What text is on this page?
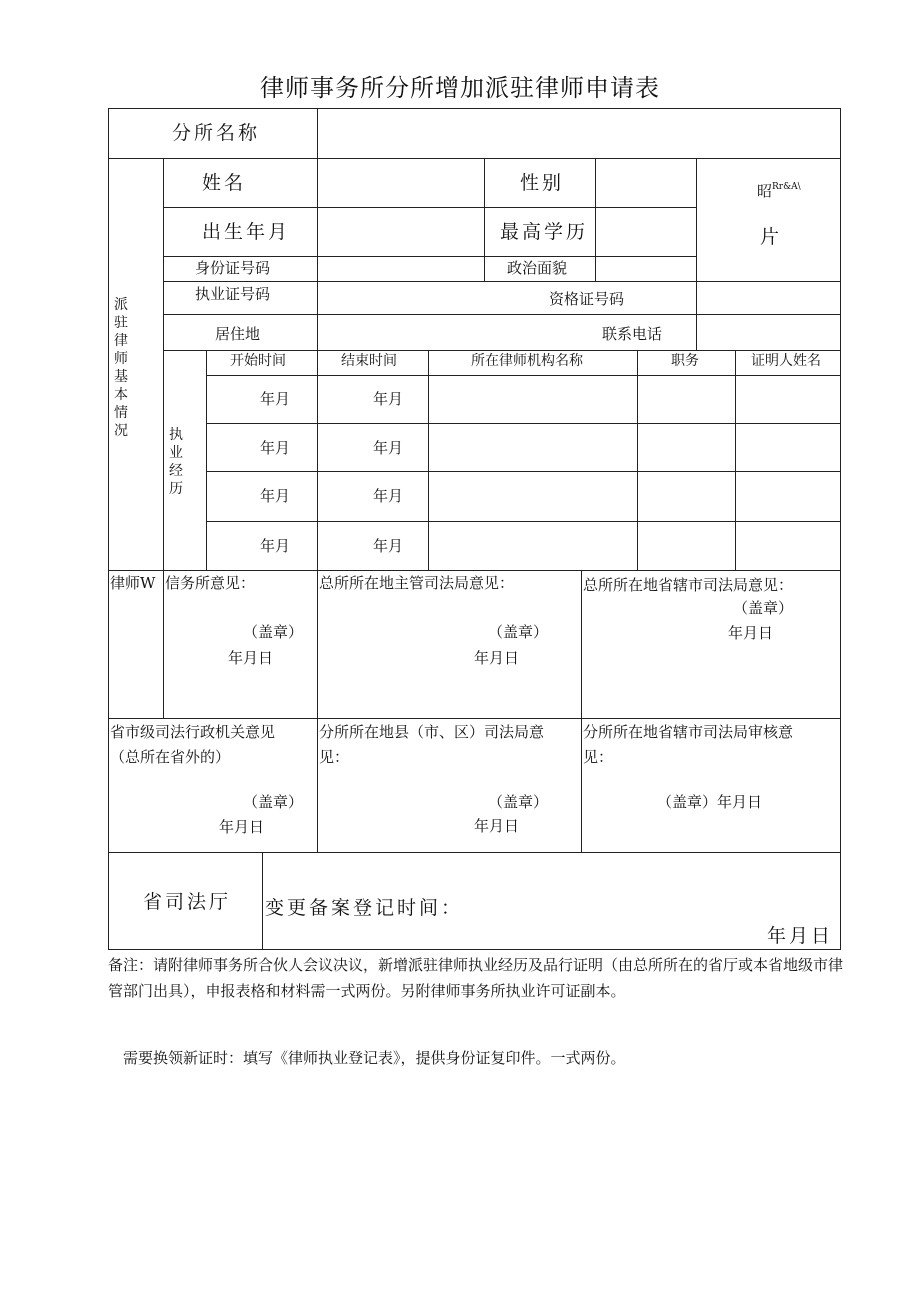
律师事务所分所增加派驻律师申请表
分所名称
派驻律师基本情况
姓名	性别
出生年月	最高学历
昭$^{Rr\&A\backslash}$
片
身份证号码	政治面貌
执业证号码	资格证号码
居住地	联系电话
执业经历
开始时间	结束时间	所在律师机构名称	职务	证明人姓名
年月	年月
年月	年月
年月	年月
年月	年月
律师W 信务所意见：
（盖章）
年月日
总所所在地主管司法局意见：
（盖章）
年月日
总所所在地省辖市司法局意见：
（盖章）
年月日
省市级司法行政机关意见
（总所在省外的）
（盖章）
年月日
分所所在地县（市、区）司法局意
见：
（盖章）
年月日
分所所在地省辖市司法局审核意
见：
（盖章）年月日
省司法厅 变更备案登记时间：
年月日
备注：请附律师事务所合伙人会议决议，新增派驻律师执业经历及品行证明（由总所所在的省厅或本省地级市律管部门出具），申报表格和材料需一式两份。另附律师事务所执业许可证副本。
需要换领新证时：填写《律师执业登记表》，提供身份证复印件。一式两份。
